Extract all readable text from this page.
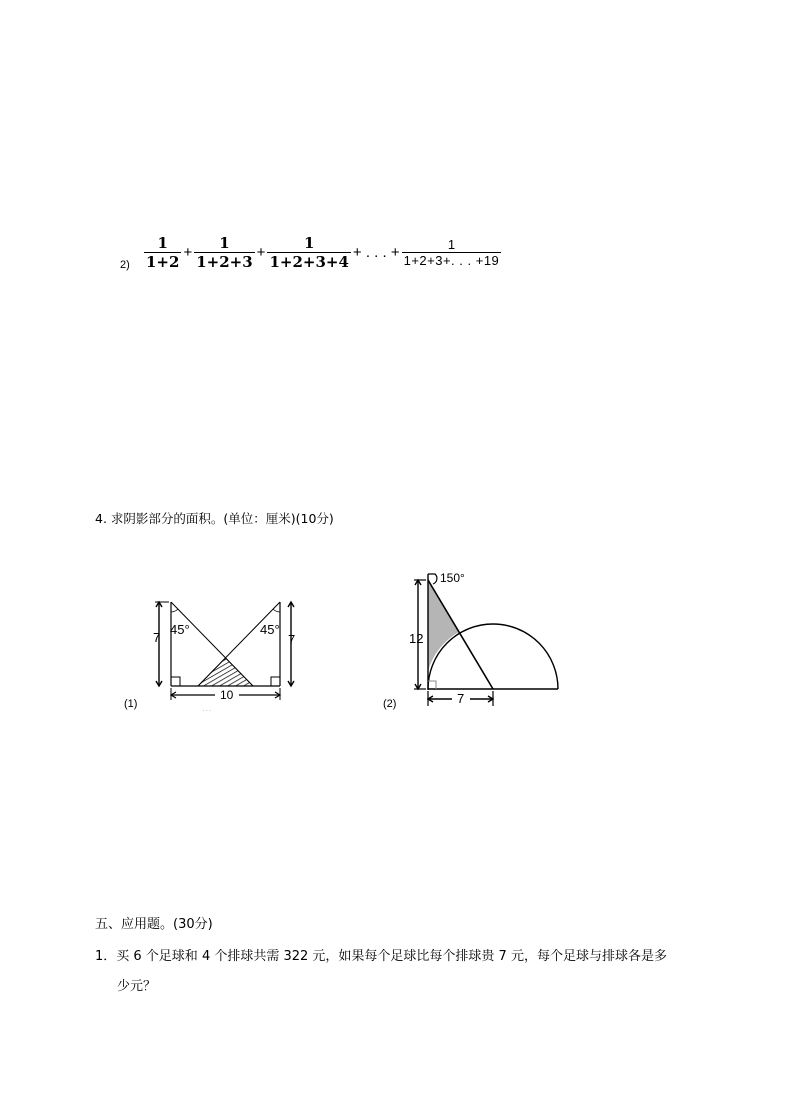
$2) \frac{1}{1+2} + \frac{1}{1+2+3} + \frac{1}{1+2+3+4}$ + . . . + $\frac{1}{1+2+3+. . . +19}$
4. 求阴影部分的面积。(单位：厘米)(10分)
· · ·
7	7
45°	45°
10
(1)
150°
12
7
(2)
五、应用题。(30分)
1．买 6 个足球和 4 个排球共需 322 元，如果每个足球比每个排球贵 7 元，每个足球与排球各是多
少元？
